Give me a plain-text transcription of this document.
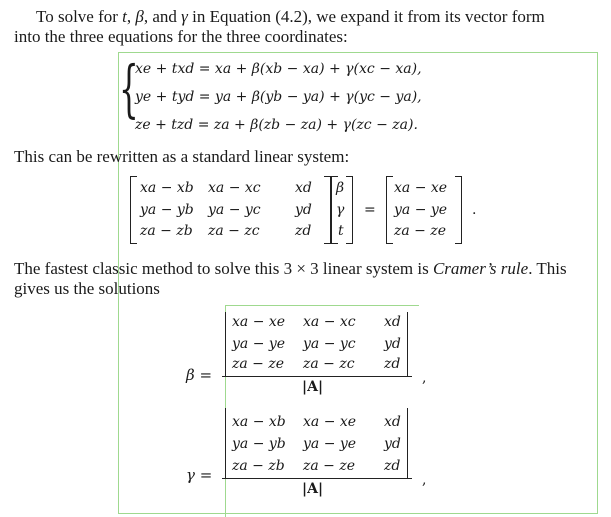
To solve for t, β, and γ in Equation (4.2), we expand it from its vector form
into the three equations for the three coordinates:
{
xe + txd = xa + β(xb − xa) + γ(xc − xa),
ye + tyd = ya + β(yb − ya) + γ(yc − ya),
ze + tzd = za + β(zb − za) + γ(zc − za).
This can be rewritten as a standard linear system:
xa − xb xa − xc xd
ya − yb ya − yc yd
za − zb za − zc	zd
β
γ
t
=
xa − xe
ya − ye
za − ze
.
The fastest classic method to solve this 3 × 3 linear system is Cramer’s rule. This
gives us the solutions
β =
xa − xe xa − xc xd
ya − ye ya − yc yd
za − ze za − zc zd
|A|
,
γ =
xa − xb xa − xe xd
ya − yb ya − ye yd
za − zb za − ze zd
|A|
,
